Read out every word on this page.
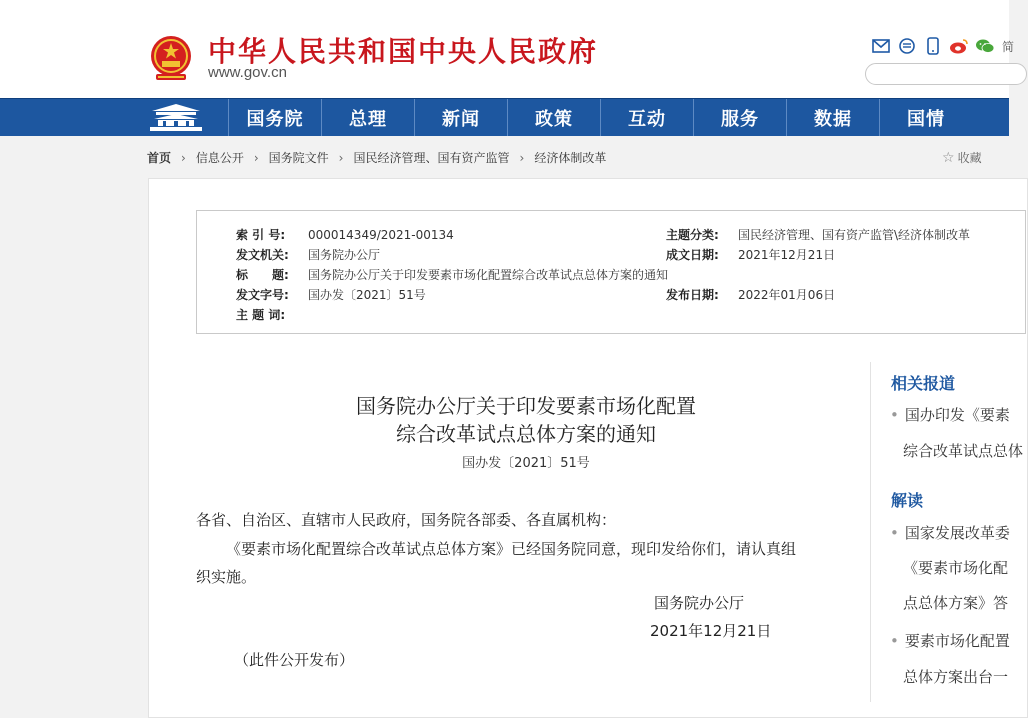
中华人民共和国中央人民政府
www.gov.cn
简
国务院	总理	新闻	政策	互动	服务	数据	国情
首页 › 信息公开 › 国务院文件 › 国民经济管理、国有资产监管 › 经济体制改革	☆ 收藏
索 引 号: 000014349/2021-00134	主题分类: 国民经济管理、国有资产监管\经济体制改革
发文机关: 国务院办公厅	成文日期: 2021年12月21日
标　　题: 国务院办公厅关于印发要素市场化配置综合改革试点总体方案的通知
发文字号: 国办发〔2021〕51号	发布日期: 2022年01月06日
主 题 词:
国务院办公厅关于印发要素市场化配置
综合改革试点总体方案的通知
国办发〔2021〕51号
各省、自治区、直辖市人民政府，国务院各部委、各直属机构：
《要素市场化配置综合改革试点总体方案》已经国务院同意，现印发给你们，请认真组
织实施。
国务院办公厅
2021年12月21日
（此件公开发布）
相关报道
• 国办印发《要素
综合改革试点总体
解读
• 国家发展改革委
《要素市场化配
点总体方案》答
• 要素市场化配置
总体方案出台一
